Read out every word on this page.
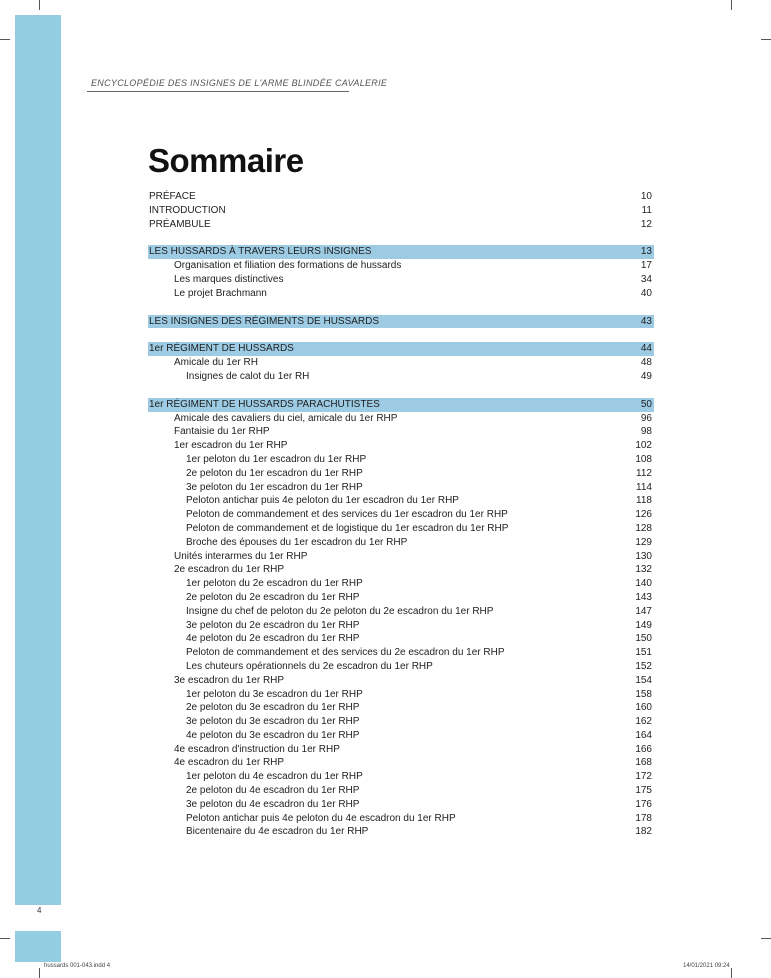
4
ENCYCLOPÉDIE DES INSIGNES DE L'ARME BLINDÉE CAVALERIE
Sommaire
PRÉFACE	10
INTRODUCTION	11
PRÉAMBULE	12
LES HUSSARDS À TRAVERS LEURS INSIGNES	13
Organisation et filiation des formations de hussards	17
Les marques distinctives	34
Le projet Brachmann	40
LES INSIGNES DES RÉGIMENTS DE HUSSARDS	43
1er RÉGIMENT DE HUSSARDS	44
Amicale du 1er RH	48
Insignes de calot du 1er RH	49
1er RÉGIMENT DE HUSSARDS PARACHUTISTES	50
Amicale des cavaliers du ciel, amicale du 1er RHP	96
Fantaisie du 1er RHP	98
1er escadron du 1er RHP	102
1er peloton du 1er escadron du 1er RHP	108
2e peloton du 1er escadron du 1er RHP	112
3e peloton du 1er escadron du 1er RHP	114
Peloton antichar puis 4e peloton du 1er escadron du 1er RHP	118
Peloton de commandement et des services du 1er escadron du 1er RHP	126
Peloton de commandement et de logistique du 1er escadron du 1er RHP	128
Broche des épouses du 1er escadron du 1er RHP	129
Unités interarmes du 1er RHP	130
2e escadron du 1er RHP	132
1er peloton du 2e escadron du 1er RHP	140
2e peloton du 2e escadron du 1er RHP	143
Insigne du chef de peloton du 2e peloton du 2e escadron du 1er RHP	147
3e peloton du 2e escadron du 1er RHP	149
4e peloton du 2e escadron du 1er RHP	150
Peloton de commandement et des services du 2e escadron du 1er RHP	151
Les chuteurs opérationnels du 2e escadron du 1er RHP	152
3e escadron du 1er RHP	154
1er peloton du 3e escadron du 1er RHP	158
2e peloton du 3e escadron du 1er RHP	160
3e peloton du 3e escadron du 1er RHP	162
4e peloton du 3e escadron du 1er RHP	164
4e escadron d'instruction du 1er RHP	166
4e escadron du 1er RHP	168
1er peloton du 4e escadron du 1er RHP	172
2e peloton du 4e escadron du 1er RHP	175
3e peloton du 4e escadron du 1er RHP	176
Peloton antichar puis 4e peloton du 4e escadron du 1er RHP	178
Bicentenaire du 4e escadron du 1er RHP	182
hussards 001-043.indd 4	14/01/2021 09:24
